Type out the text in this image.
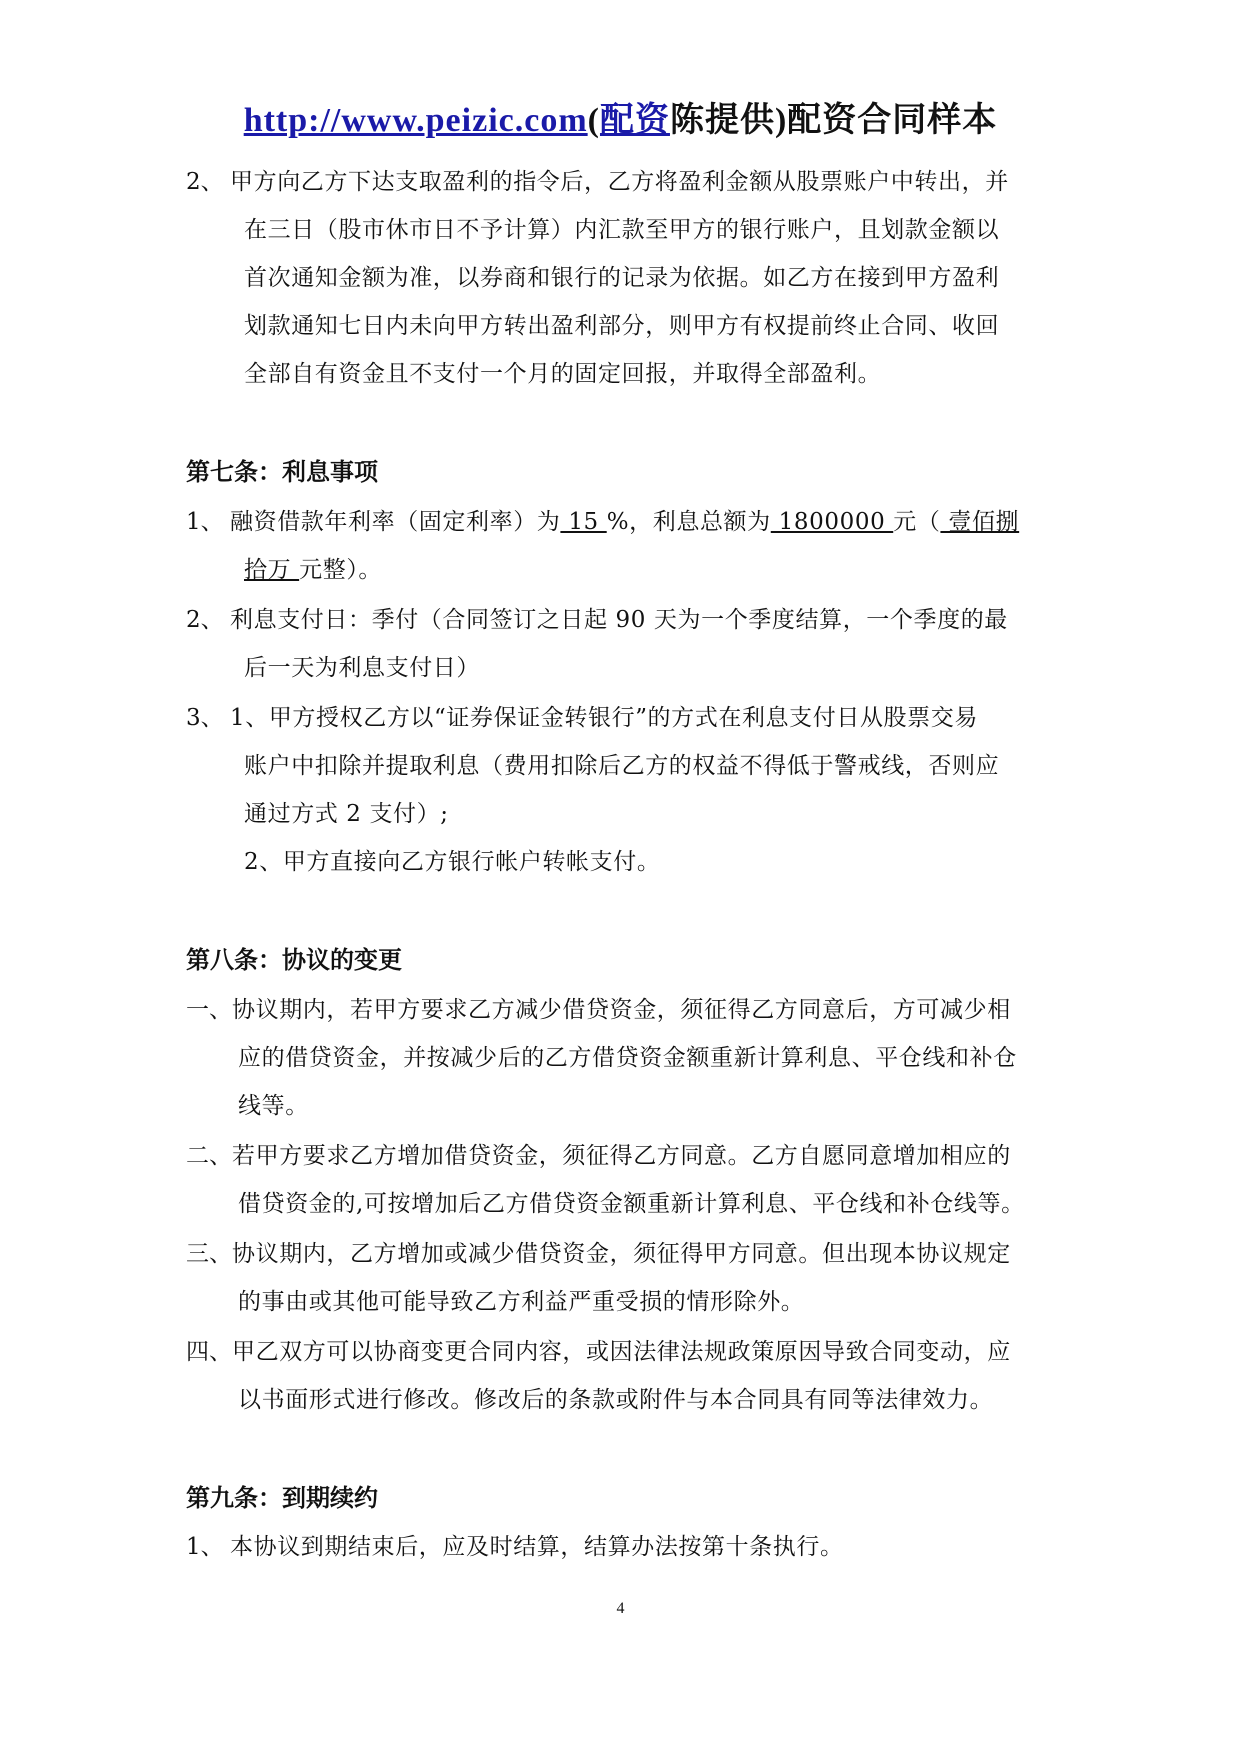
http://www.peizic.com(配资陈提供)配资合同样本
2、 甲方向乙方下达支取盈利的指令后，乙方将盈利金额从股票账户中转出，并
在三日（股市休市日不予计算）内汇款至甲方的银行账户，且划款金额以
首次通知金额为准，以券商和银行的记录为依据。如乙方在接到甲方盈利
划款通知七日内未向甲方转出盈利部分，则甲方有权提前终止合同、收回
全部自有资金且不支付一个月的固定回报，并取得全部盈利。
第七条：利息事项
1、 融资借款年利率（固定利率）为 15 %，利息总额为 1800000 元（ 壹佰捌
拾万 元整）。
2、 利息支付日：季付（合同签订之日起 90 天为一个季度结算，一个季度的最
后一天为利息支付日）
3、 1、甲方授权乙方以“证券保证金转银行”的方式在利息支付日从股票交易
账户中扣除并提取利息（费用扣除后乙方的权益不得低于警戒线，否则应
通过方式 2 支付）;
2、甲方直接向乙方银行帐户转帐支付。
第八条：协议的变更
一、 协议期内，若甲方要求乙方减少借贷资金，须征得乙方同意后，方可减少相
应的借贷资金，并按减少后的乙方借贷资金额重新计算利息、平仓线和补仓
线等。
二、 若甲方要求乙方增加借贷资金，须征得乙方同意。乙方自愿同意增加相应的
借贷资金的,可按增加后乙方借贷资金额重新计算利息、平仓线和补仓线等。
三、 协议期内，乙方增加或减少借贷资金，须征得甲方同意。但出现本协议规定
的事由或其他可能导致乙方利益严重受损的情形除外。
四、 甲乙双方可以协商变更合同内容，或因法律法规政策原因导致合同变动，应
以书面形式进行修改。修改后的条款或附件与本合同具有同等法律效力。
第九条：到期续约
1、 本协议到期结束后，应及时结算，结算办法按第十条执行。
4
